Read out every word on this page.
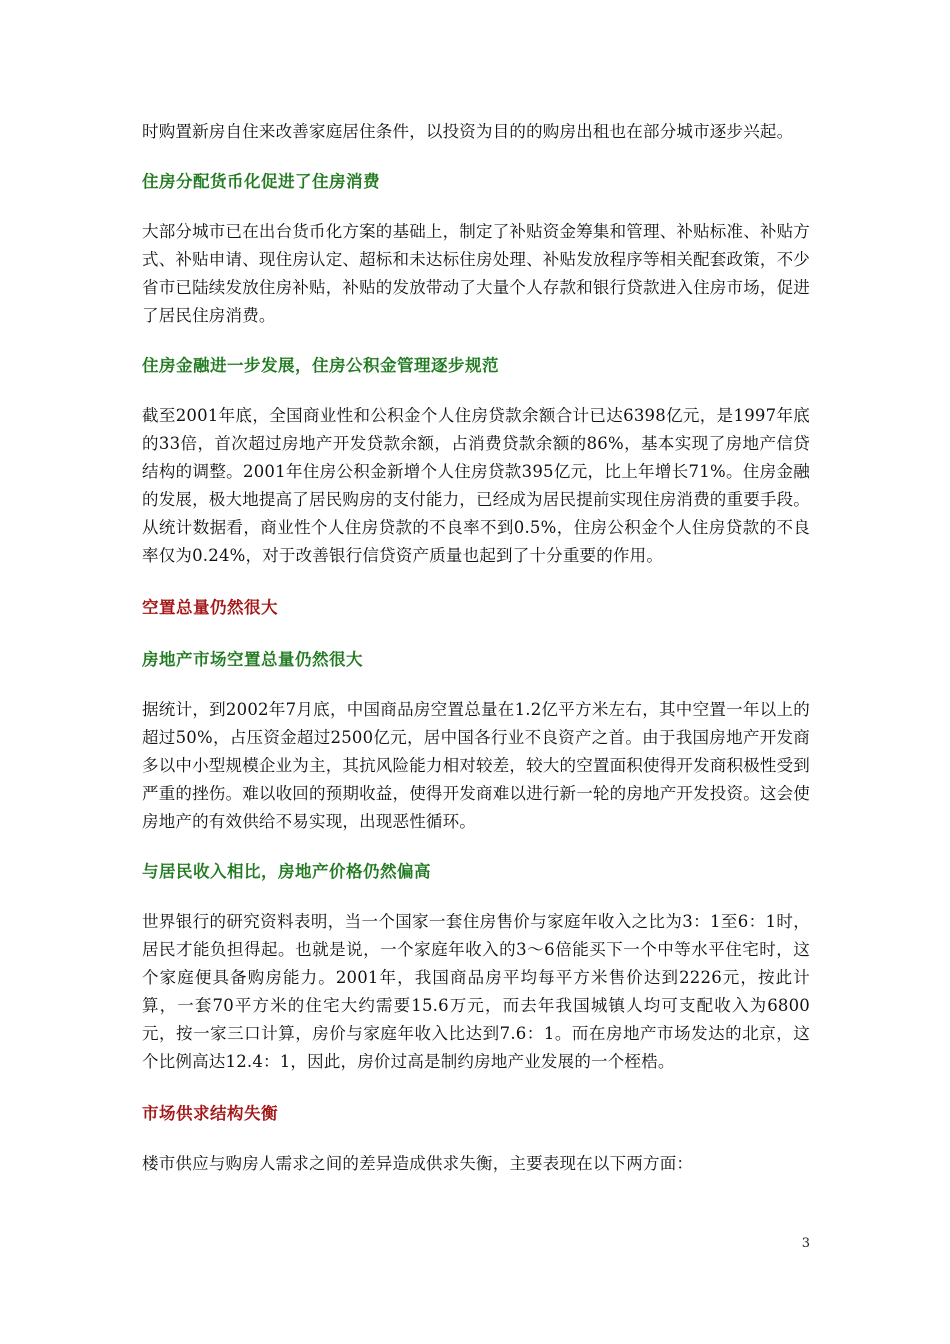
时购置新房自住来改善家庭居住条件，以投资为目的的购房出租也在部分城市逐步兴起。

住房分配货币化促进了住房消费

大部分城市已在出台货币化方案的基础上，制定了补贴资金筹集和管理、补贴标准、补贴方式、补贴申请、现住房认定、超标和未达标住房处理、补贴发放程序等相关配套政策，不少省市已陆续发放住房补贴，补贴的发放带动了大量个人存款和银行贷款进入住房市场，促进了居民住房消费。

住房金融进一步发展，住房公积金管理逐步规范

截至2001年底，全国商业性和公积金个人住房贷款余额合计已达6398亿元，是1997年底的33倍，首次超过房地产开发贷款余额，占消费贷款余额的86%，基本实现了房地产信贷结构的调整。2001年住房公积金新增个人住房贷款395亿元，比上年增长71%。住房金融的发展，极大地提高了居民购房的支付能力，已经成为居民提前实现住房消费的重要手段。从统计数据看，商业性个人住房贷款的不良率不到0.5%，住房公积金个人住房贷款的不良率仅为0.24%，对于改善银行信贷资产质量也起到了十分重要的作用。

空置总量仍然很大
房地产市场空置总量仍然很大

据统计，到2002年7月底，中国商品房空置总量在1.2亿平方米左右，其中空置一年以上的超过50%，占压资金超过2500亿元，居中国各行业不良资产之首。由于我国房地产开发商多以中小型规模企业为主，其抗风险能力相对较差，较大的空置面积使得开发商积极性受到严重的挫伤。难以收回的预期收益，使得开发商难以进行新一轮的房地产开发投资。这会使房地产的有效供给不易实现，出现恶性循环。

与居民收入相比，房地产价格仍然偏高

世界银行的研究资料表明，当一个国家一套住房售价与家庭年收入之比为3：1至6：1时，居民才能负担得起。也就是说，一个家庭年收入的3～6倍能买下一个中等水平住宅时，这个家庭便具备购房能力。2001年，我国商品房平均每平方米售价达到2226元，按此计算，一套70平方米的住宅大约需要15.6万元，而去年我国城镇人均可支配收入为6800元，按一家三口计算，房价与家庭年收入比达到7.6：1。而在房地产市场发达的北京，这个比例高达12.4：1，因此，房价过高是制约房地产业发展的一个桎梏。

市场供求结构失衡

楼市供应与购房人需求之间的差异造成供求失衡，主要表现在以下两方面：

3
